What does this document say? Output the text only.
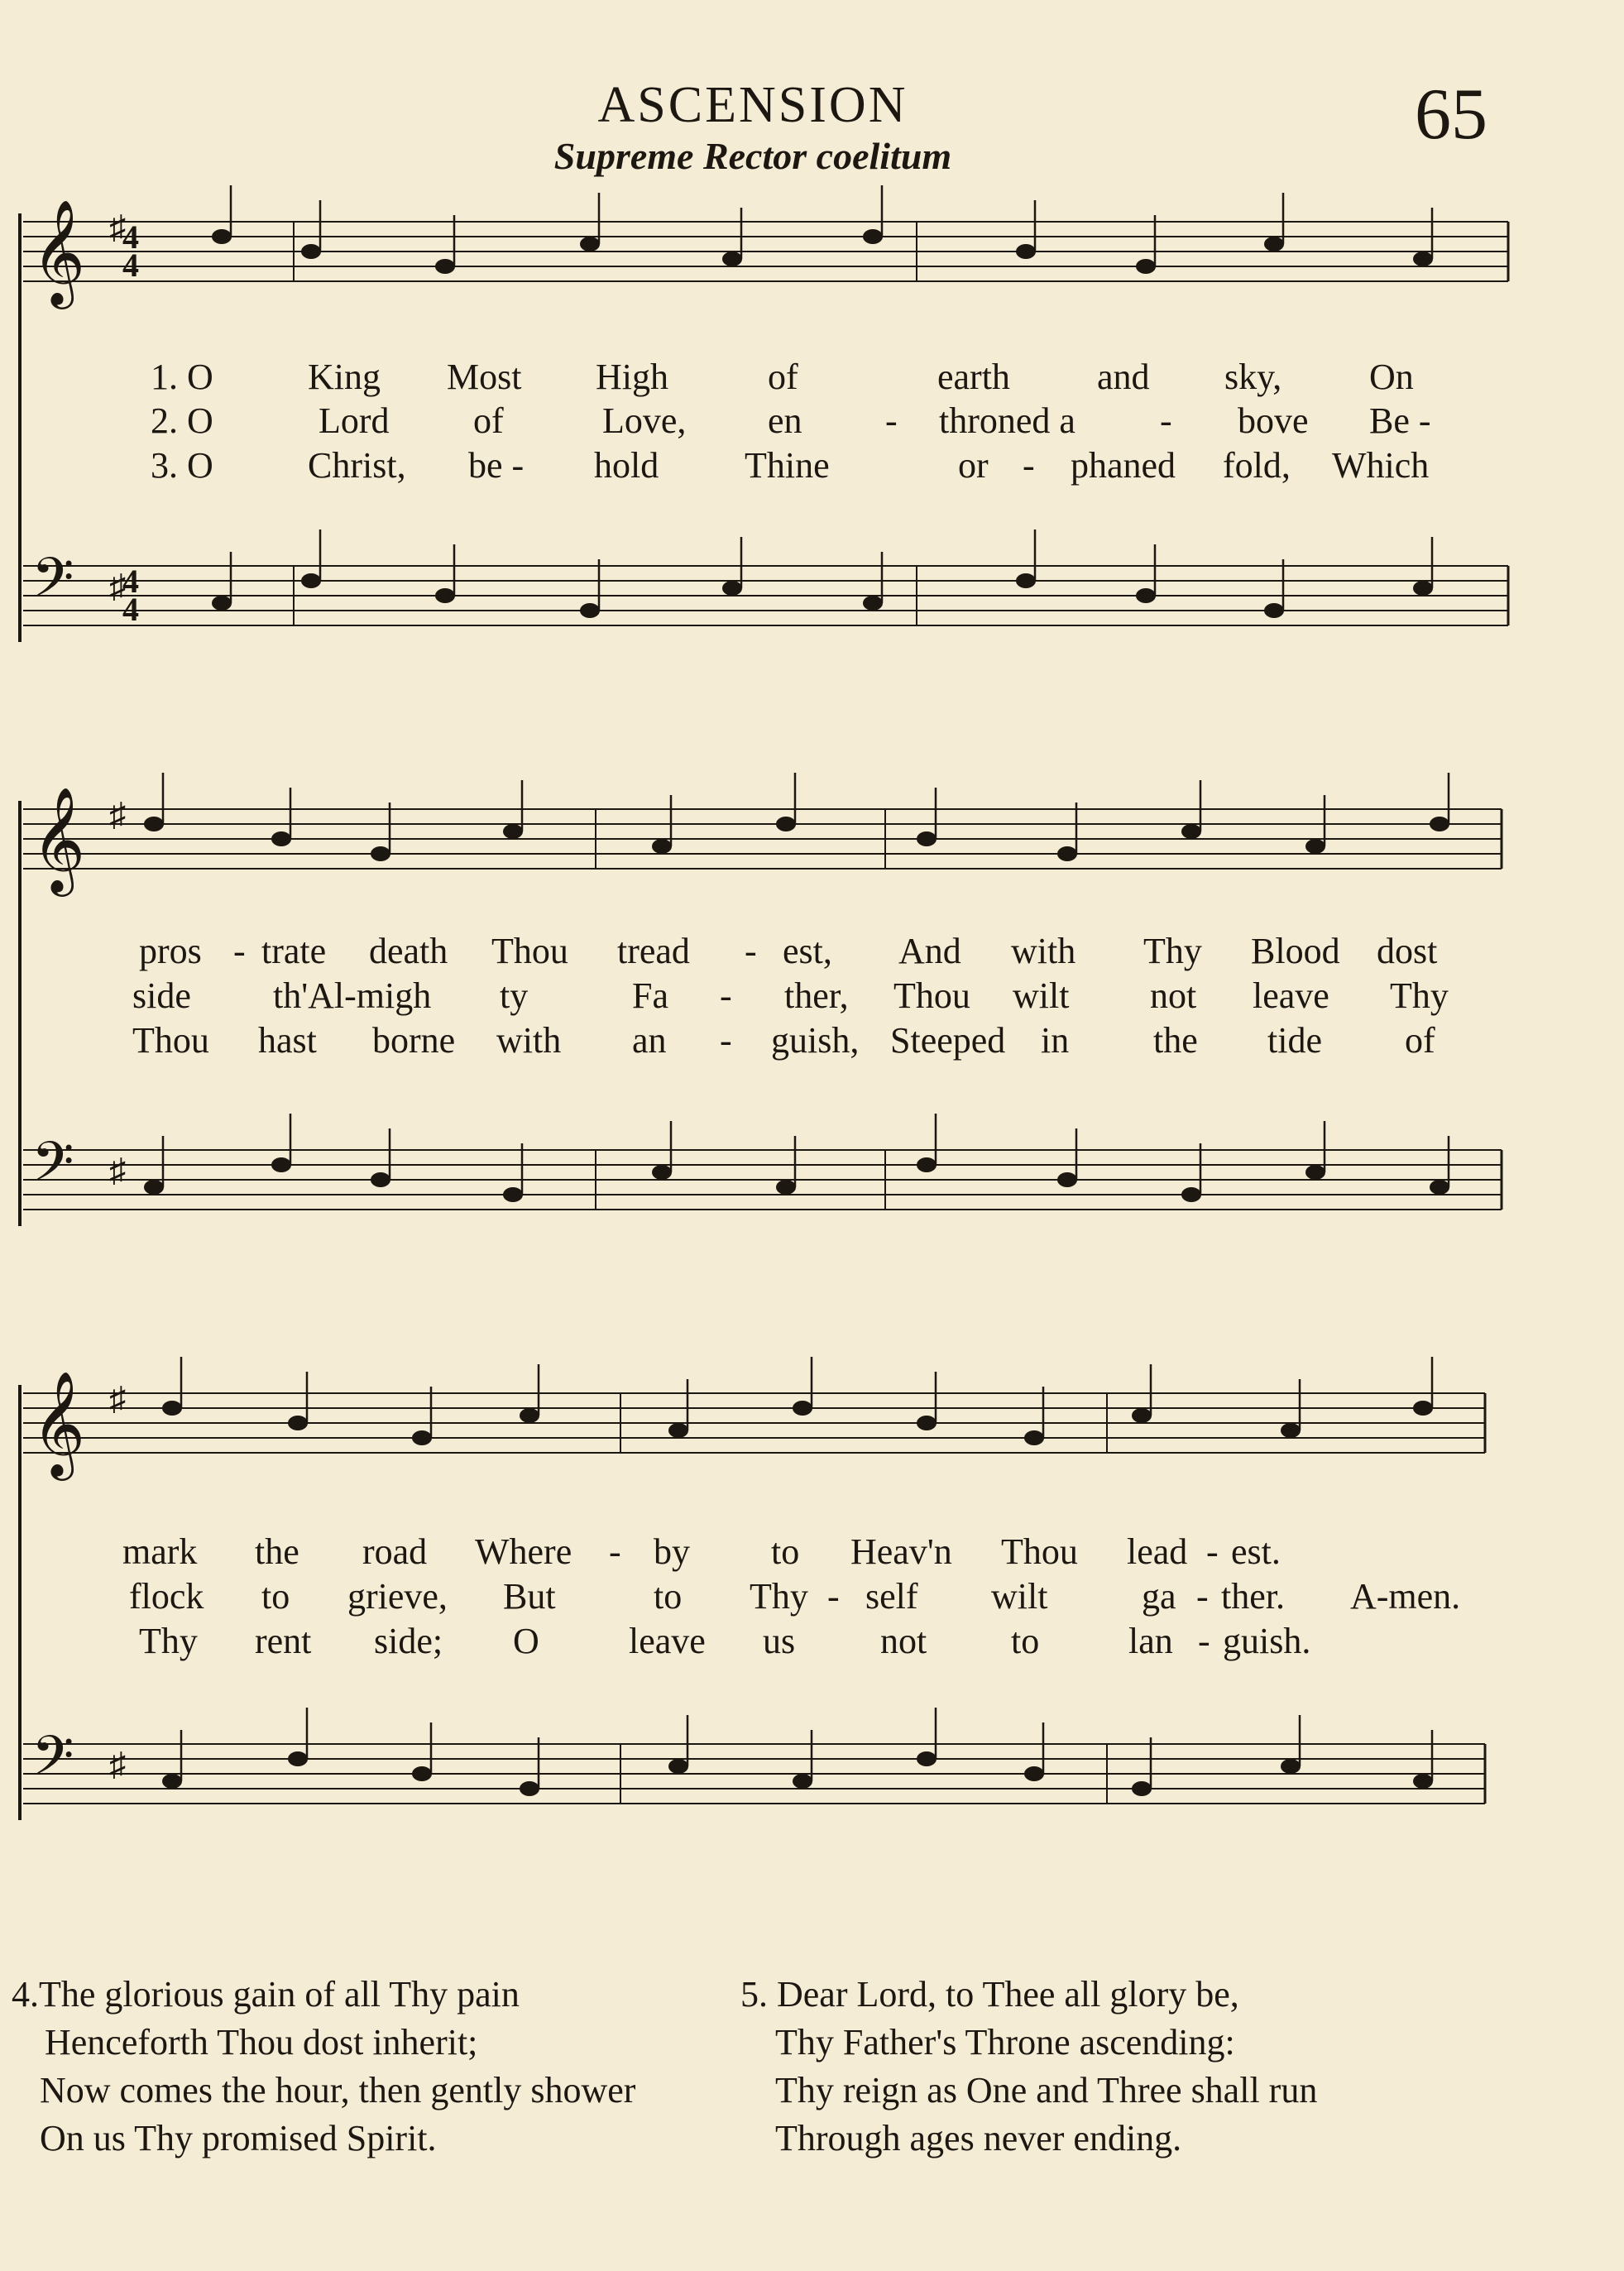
ASCENSION
Supreme Rector coelitum
65
𝄞 ♯
𝄢 ♯
𝄞 ♯
𝄢 ♯
𝄞 ♯
𝄢 ♯
4
4
4
4
1. O	King Most High	of	earth and sky, On
2. O	Lord of	Love, en - throned a - bove Be -
3. O	Christ, be - hold Thine	or - phaned fold, Which
pros - trate death Thou tread - est, And with Thy Blood dost
side th'Al-migh ty	Fa - ther, Thou wilt not leave Thy
Thou hast borne with an - guish, Steeped in the tide of
mark the road Where - by to Heav'n Thou lead - est.
flock to grieve, But	to Thy - self wilt	ga - ther. A-men.
Thy rent side; O leave us not to lan - guish.
4.The glorious gain of all Thy pain
Henceforth Thou dost inherit;
Now comes the hour, then gently shower
On us Thy promised Spirit.
5. Dear Lord, to Thee all glory be,
Thy Father's Throne ascending:
Thy reign as One and Three shall run
Through ages never ending.
